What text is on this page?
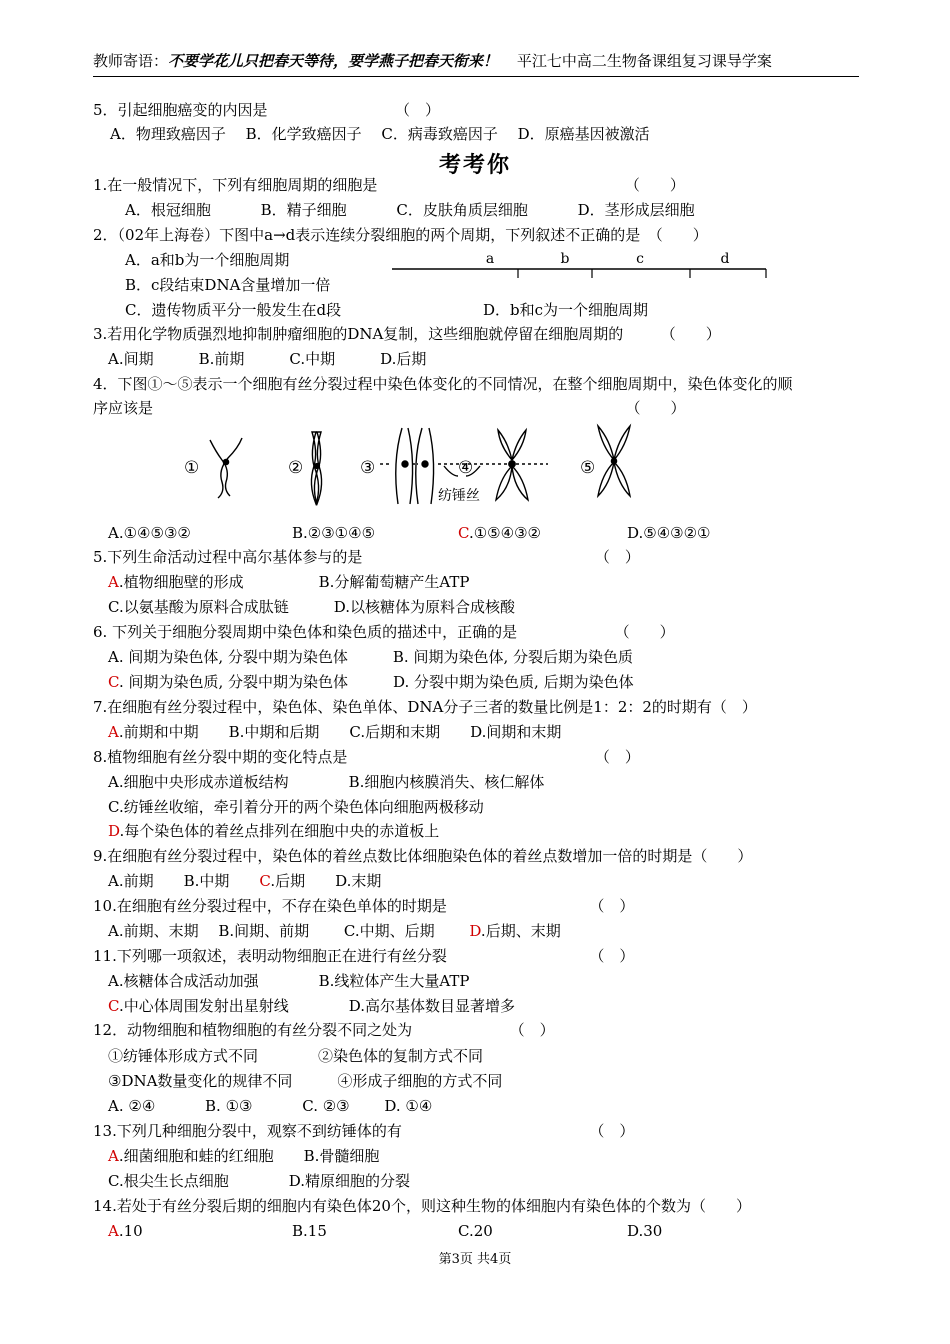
教师寄语：不要学花儿只把春天等待，要学燕子把春天衔来！ 平江七中高二生物备课组复习课导学案
5．引起细胞癌变的内因是　　　　　　　　　（　）
A．物理致癌因子　 B．化学致癌因子　 C．病毒致癌因子　 D．原癌基因被激活
考考你
1.在一般情况下，下列有细胞周期的细胞是　　　　　　　　　　　　　　　　　（　　）
A．根冠细胞　　　 B．精子细胞　　　 C．皮肤角质层细胞　　　 D．茎形成层细胞
2．（02年上海卷）下图中a→d表示连续分裂细胞的两个周期，下列叙述不正确的是　（　　）
A．a和b为一个细胞周期
B．c段结束DNA含量增加一倍
C．遗传物质平分一般发生在d段	D．b和c为一个细胞周期
a	b	c	d
3.若用化学物质强烈地抑制肿瘤细胞的DNA复制，这些细胞就停留在细胞周期的　　　（　　）
A.间期　　　B.前期　　　C.中期　　　D.后期
4．下图①～⑤表示一个细胞有丝分裂过程中染色体变化的不同情况，在整个细胞周期中，染色体变化的顺
序应该是　　　　　　　　　　　　　　　　　　　　　　　　　　　　　　　　（　　）
①	②	③	④
纺锤丝
⑤
A.①④⑤③②	B.②③①④⑤	C.①⑤④③②	D.⑤④③②①
5.下列生命活动过程中高尔基体参与的是　　　　　　　　　　　　　　　　（　）
A.植物细胞壁的形成　　　　　B.分解葡萄糖产生ATP
C.以氨基酸为原料合成肽链　　　D.以核糖体为原料合成核酸
6. 下列关于细胞分裂周期中染色体和染色质的描述中，正确的是　　　　　　　（　　）
A. 间期为染色体, 分裂中期为染色体　　　B. 间期为染色体, 分裂后期为染色质
C. 间期为染色质, 分裂中期为染色体　　　D. 分裂中期为染色质, 后期为染色体
7.在细胞有丝分裂过程中，染色体、染色单体、DNA分子三者的数量比例是1：2：2的时期有（　）
A.前期和中期　　B.中期和后期　　C.后期和末期　　D.间期和末期
8.植物细胞有丝分裂中期的变化特点是　　　　　　　　　　　　　　　　　（　）
A.细胞中央形成赤道板结构　　　　B.细胞内核膜消失、核仁解体
C.纺锤丝收缩，牵引着分开的两个染色体向细胞两极移动
D.每个染色体的着丝点排列在细胞中央的赤道板上
9.在细胞有丝分裂过程中，染色体的着丝点数比体细胞染色体的着丝点数增加一倍的时期是（　　）
A.前期　　B.中期　　C.后期　　D.末期
10.在细胞有丝分裂过程中，不存在染色单体的时期是　　　　　　　　　　（　）
A.前期、末期　 B.间期、前期　　 C.中期、后期　　 D.后期、末期
11.下列哪一项叙述，表明动物细胞正在进行有丝分裂　　　　　　　　　　（　）
A.核糖体合成活动加强　　　　B.线粒体产生大量ATP
C.中心体周围发射出星射线　　　　D.高尔基体数目显著增多
12．动物细胞和植物细胞的有丝分裂不同之处为　　　　　　　（　）
①纺锤体形成方式不同　　　　②染色体的复制方式不同
③DNA数量变化的规律不同　　　④形成子细胞的方式不同
A. ②④　　　 B. ①③　　　 C. ②③　　 D. ①④
13.下列几种细胞分裂中，观察不到纺锤体的有　　　　　　　　　　　　　（　）
A.细菌细胞和蛙的红细胞　　B.骨髓细胞
C.根尖生长点细胞　　　　D.精原细胞的分裂
14.若处于有丝分裂后期的细胞内有染色体20个，则这种生物的体细胞内有染色体的个数为（　　）
A.10	B.15	C.20	D.30
第3页 共4页
